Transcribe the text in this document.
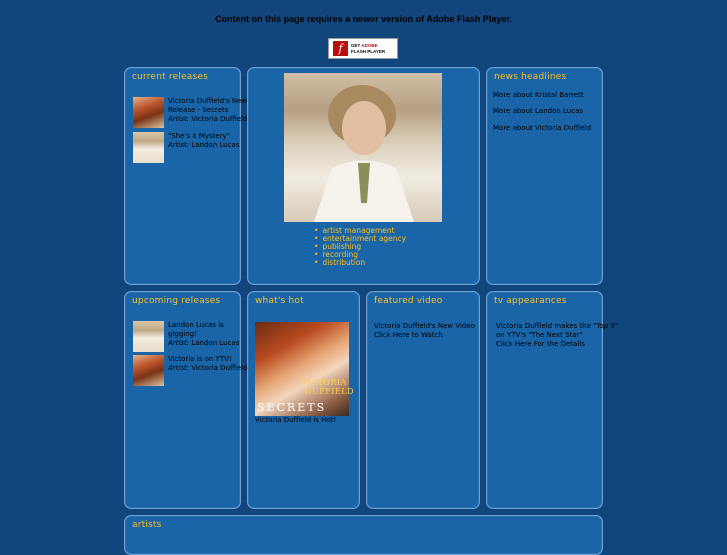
Content on this page requires a newer version of Adobe Flash Player.
f	GET ADOBE
FLASH PLAYER
current releases
Victoria Duffield's New Release - Secrets
Artist: Victoria Duffield
"She's a Mystery"
Artist: Landon Lucas
• artist management
• entertainment agency
• publishing
• recording
• distribution
news headlines
More about Kristal Barrett
More about Landon Lucas
More about Victoria Duffield
upcoming releases
Landon Lucas is gigging!
Artist: Landon Lucas
Victoria is on YTV!
Artist: Victoria Duffield
what's hot
VICTORIA
DUFFIELD
SECRETS
Victoria Duffield is Hot!
featured video
Victoria Duffield's New Video
Click Here to Watch
tv appearances
Victoria Duffield makes the "Top 5"
on YTV's "The Next Star"
Click Here For the Details
artists
